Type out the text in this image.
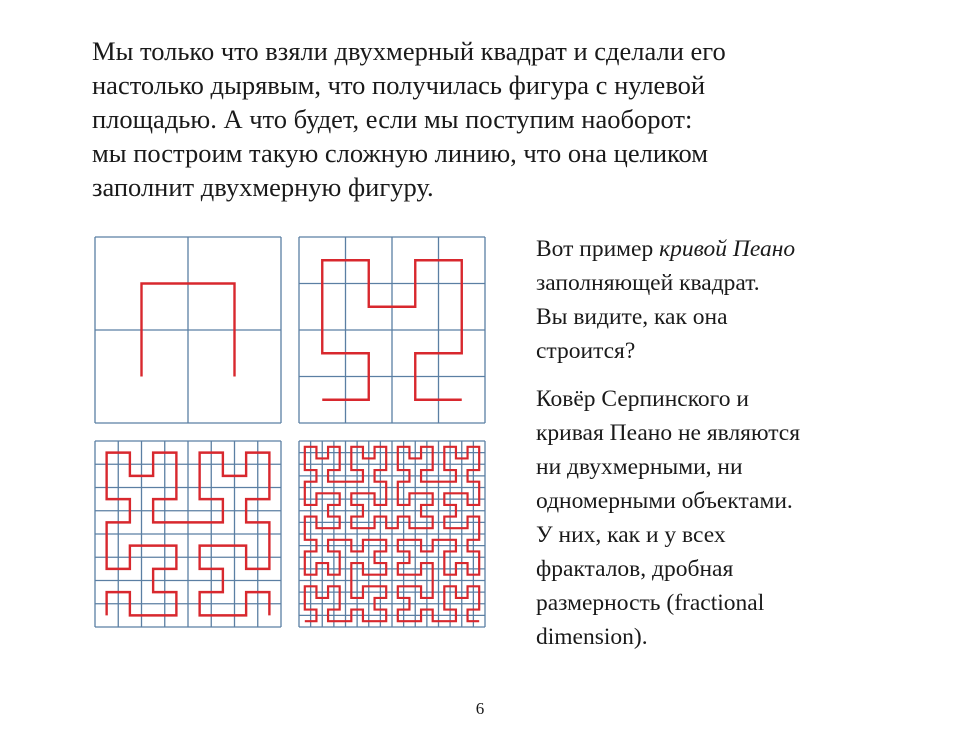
Мы только что взяли двухмерный квадрат и сделали его
настолько дырявым, что получилась фигура с нулевой
площадью. А что будет, если мы поступим наоборот:
мы построим такую сложную линию, что она целиком
заполнит двухмерную фигуру.

Вот пример кривой Пеано
заполняющей квадрат.
Вы видите, как она
строится?

Ковёр Серпинского и
кривая Пеано не являются
ни двухмерными, ни
одномерными объектами.
У них, как и у всех
фракталов, дробная
размерность (fractional
dimension).

6
